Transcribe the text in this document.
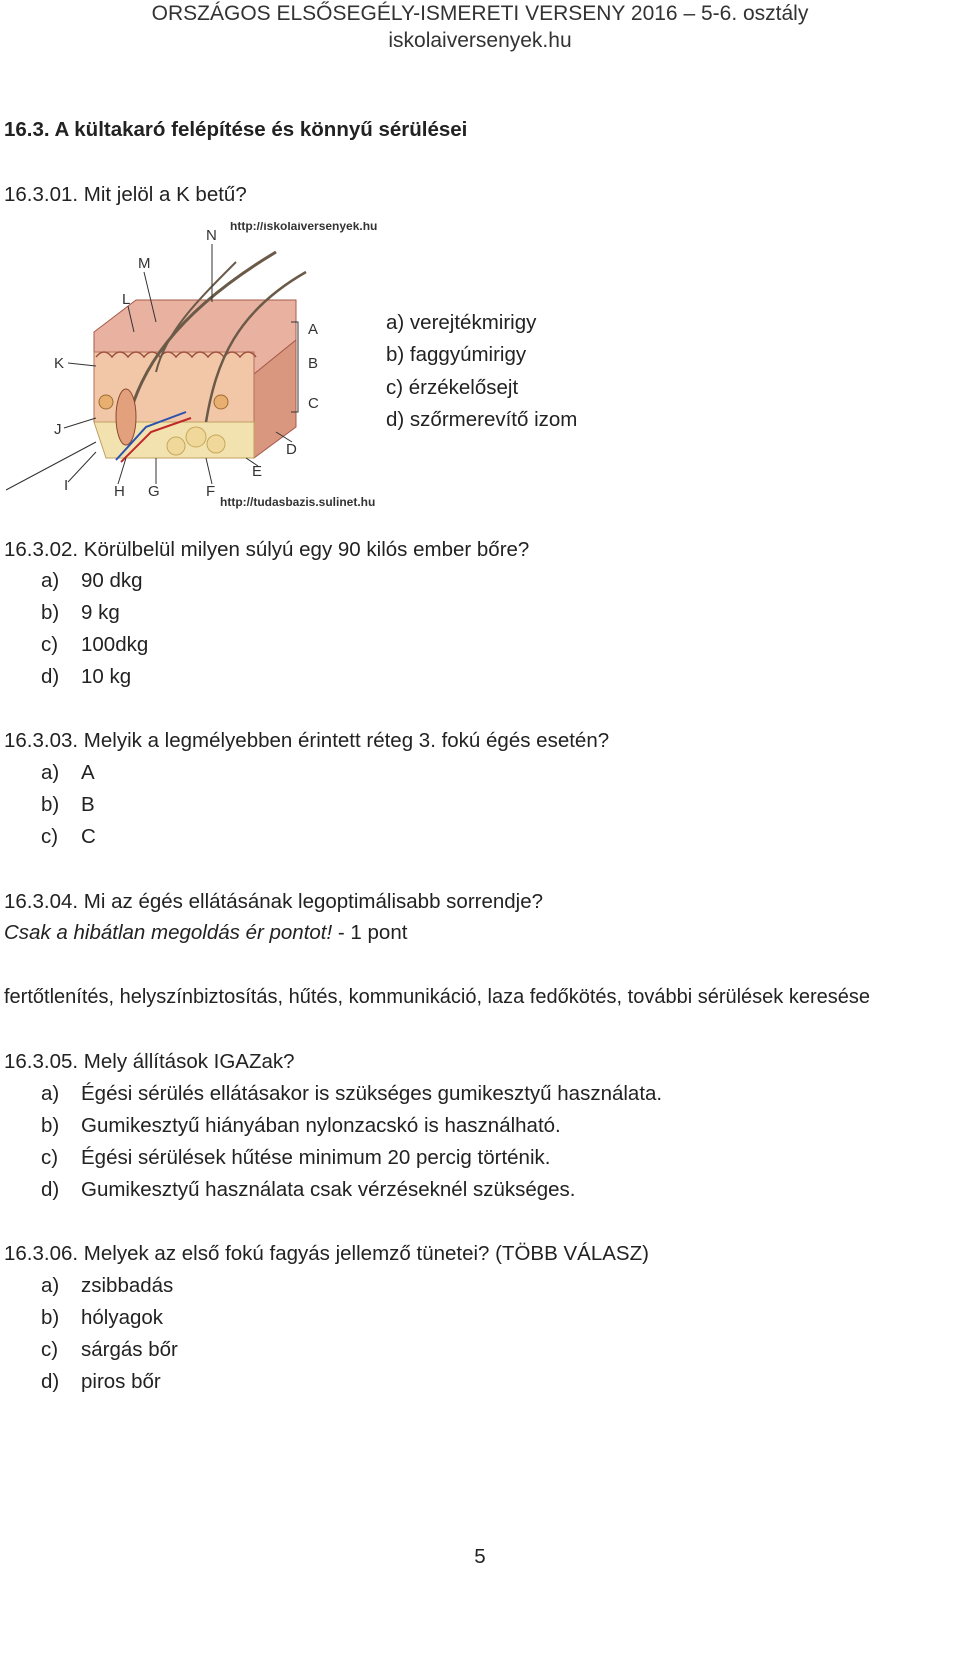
ORSZÁGOS ELSŐSEGÉLY-ISMERETI VERSENY 2016 – 5-6. osztály
iskolaiversenyek.hu
16.3. A kültakaró felépítése és könnyű sérülései
16.3.01. Mit jelöl a K betű?
http://iskolaiversenyek.hu
http://tudasbazis.sulinet.hu
N
M
L
K
J
I	H G	F
E
D
C
B
A	a) verejtékmirigy
b) faggyúmirigy
c) érzékelősejt
d) szőrmerevítő izom
16.3.02. Körülbelül milyen súlyú egy 90 kilós ember bőre?
a) 90 dkg
b) 9 kg
c) 100dkg
d) 10 kg
16.3.03. Melyik a legmélyebben érintett réteg 3. fokú égés esetén?
a) A
b) B
c) C
16.3.04. Mi az égés ellátásának legoptimálisabb sorrendje?
Csak a hibátlan megoldás ér pontot! - 1 pont
fertőtlenítés, helyszínbiztosítás, hűtés, kommunikáció, laza fedőkötés, további sérülések keresése
16.3.05. Mely állítások IGAZak?
a) Égési sérülés ellátásakor is szükséges gumikesztyű használata.
b) Gumikesztyű hiányában nylonzacskó is használható.
c) Égési sérülések hűtése minimum 20 percig történik.
d) Gumikesztyű használata csak vérzéseknél szükséges.
16.3.06. Melyek az első fokú fagyás jellemző tünetei? (TÖBB VÁLASZ)
a) zsibbadás
b) hólyagok
c) sárgás bőr
d) piros bőr
5
